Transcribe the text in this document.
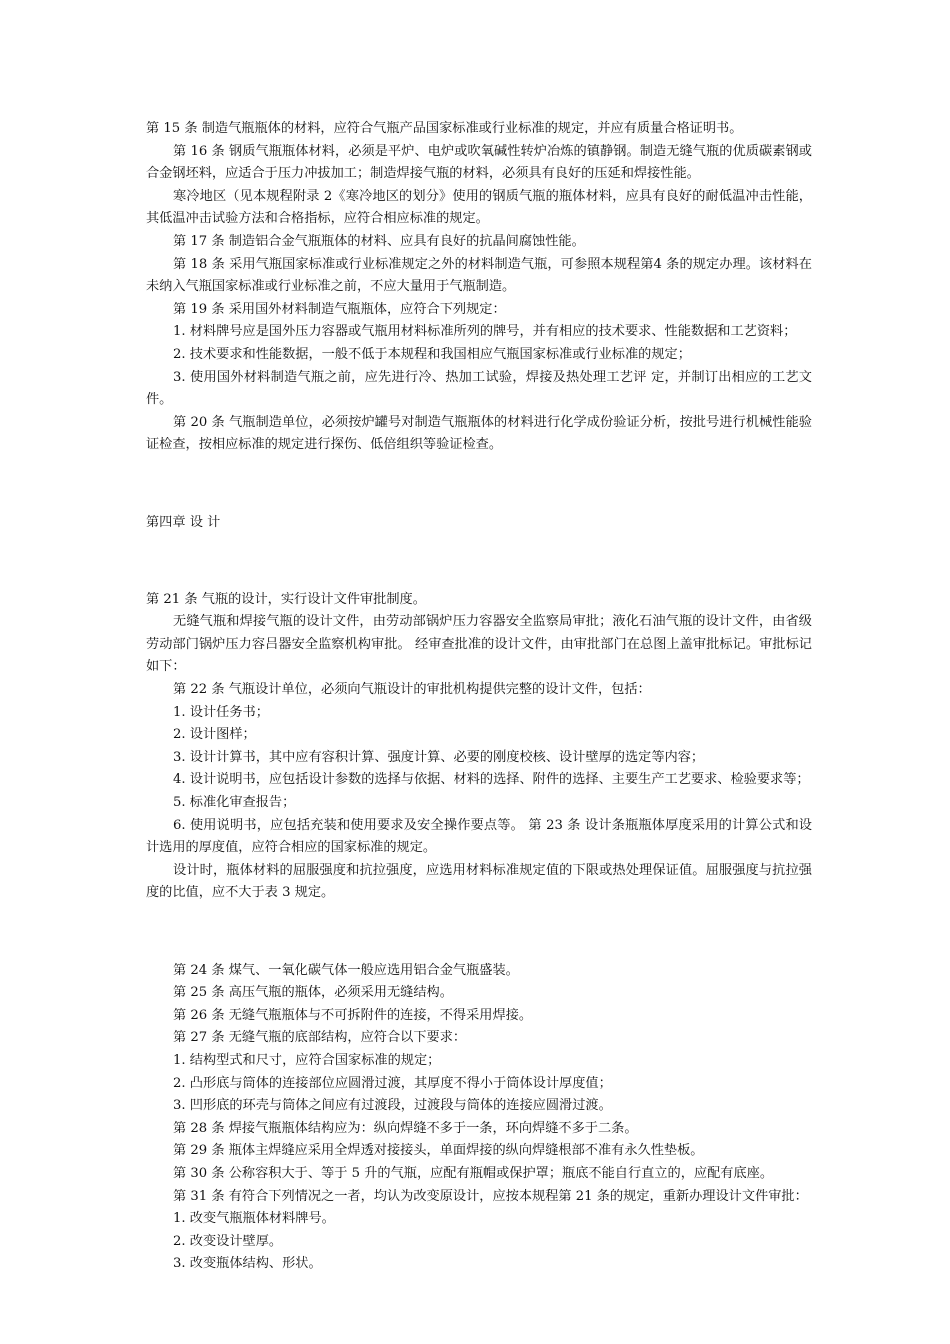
第 15 条 制造气瓶瓶体的材料，应符合气瓶产品国家标准或行业标准的规定，并应有质量合格证明书。

第 16 条 钢质气瓶瓶体材料，必须是平炉、电炉或吹氧碱性转炉冶炼的镇静钢。制造无缝气瓶的优质碳素钢或合金钢坯料，应适合于压力冲拔加工；制造焊接气瓶的材料，必须具有良好的压延和焊接性能。

寒冷地区（见本规程附录 2《寒冷地区的划分》使用的钢质气瓶的瓶体材料，应具有良好的耐低温冲击性能，其低温冲击试验方法和合格指标，应符合相应标准的规定。

第 17 条 制造铝合金气瓶瓶体的材料、应具有良好的抗晶间腐蚀性能。

第 18 条 采用气瓶国家标准或行业标准规定之外的材料制造气瓶，可参照本规程第4 条的规定办理。该材料在未纳入气瓶国家标准或行业标准之前，不应大量用于气瓶制造。

第 19 条 采用国外材料制造气瓶瓶体，应符合下列规定：

1. 材料牌号应是国外压力容器或气瓶用材料标准所列的牌号，并有相应的技术要求、性能数据和工艺资料；

2. 技术要求和性能数据，一般不低于本规程和我国相应气瓶国家标准或行业标准的规定；

3. 使用国外材料制造气瓶之前，应先进行冷、热加工试验，焊接及热处理工艺评 定，并制订出相应的工艺文件。

第 20 条 气瓶制造单位，必须按炉罐号对制造气瓶瓶体的材料进行化学成份验证分析，按批号进行机械性能验证检查，按相应标准的规定进行探伤、低倍组织等验证检查。

第四章 设 计

第 21 条 气瓶的设计，实行设计文件审批制度。

无缝气瓶和焊接气瓶的设计文件，由劳动部锅炉压力容器安全监察局审批；液化石油气瓶的设计文件，由省级劳动部门锅炉压力容吕器安全监察机构审批。 经审查批准的设计文件，由审批部门在总图上盖审批标记。审批标记如下：

第 22 条 气瓶设计单位，必须向气瓶设计的审批机构提供完整的设计文件，包括：

1. 设计任务书；

2. 设计图样；

3. 设计计算书，其中应有容积计算、强度计算、必要的刚度校核、设计壁厚的选定等内容；

4. 设计说明书，应包括设计参数的选择与依据、材料的选择、附件的选择、主要生产工艺要求、检验要求等；

5. 标准化审查报告；

6. 使用说明书，应包括充装和使用要求及安全操作要点等。 第 23 条 设计条瓶瓶体厚度采用的计算公式和设计选用的厚度值，应符合相应的国家标准的规定。

设计时，瓶体材料的屈服强度和抗拉强度，应选用材料标准规定值的下限或热处理保证值。屈服强度与抗拉强度的比值，应不大于表 3 规定。

第 24 条 煤气、一氧化碳气体一般应选用铝合金气瓶盛装。

第 25 条 高压气瓶的瓶体，必须采用无缝结构。

第 26 条 无缝气瓶瓶体与不可拆附件的连接，不得采用焊接。

第 27 条 无缝气瓶的底部结构，应符合以下要求：

1. 结构型式和尺寸，应符合国家标准的规定；

2. 凸形底与筒体的连接部位应圆滑过渡，其厚度不得小于筒体设计厚度值；

3. 凹形底的环壳与筒体之间应有过渡段，过渡段与筒体的连接应圆滑过渡。

第 28 条 焊接气瓶瓶体结构应为：纵向焊缝不多于一条，环向焊缝不多于二条。

第 29 条 瓶体主焊缝应采用全焊透对接接头，单面焊接的纵向焊缝根部不准有永久性垫板。

第 30 条 公称容积大于、等于 5 升的气瓶，应配有瓶帽或保护罩；瓶底不能自行直立的，应配有底座。

第 31 条 有符合下列情况之一者，均认为改变原设计，应按本规程第 21 条的规定，重新办理设计文件审批：

1. 改变气瓶瓶体材料牌号。

2. 改变设计壁厚。

3. 改变瓶体结构、形状。
